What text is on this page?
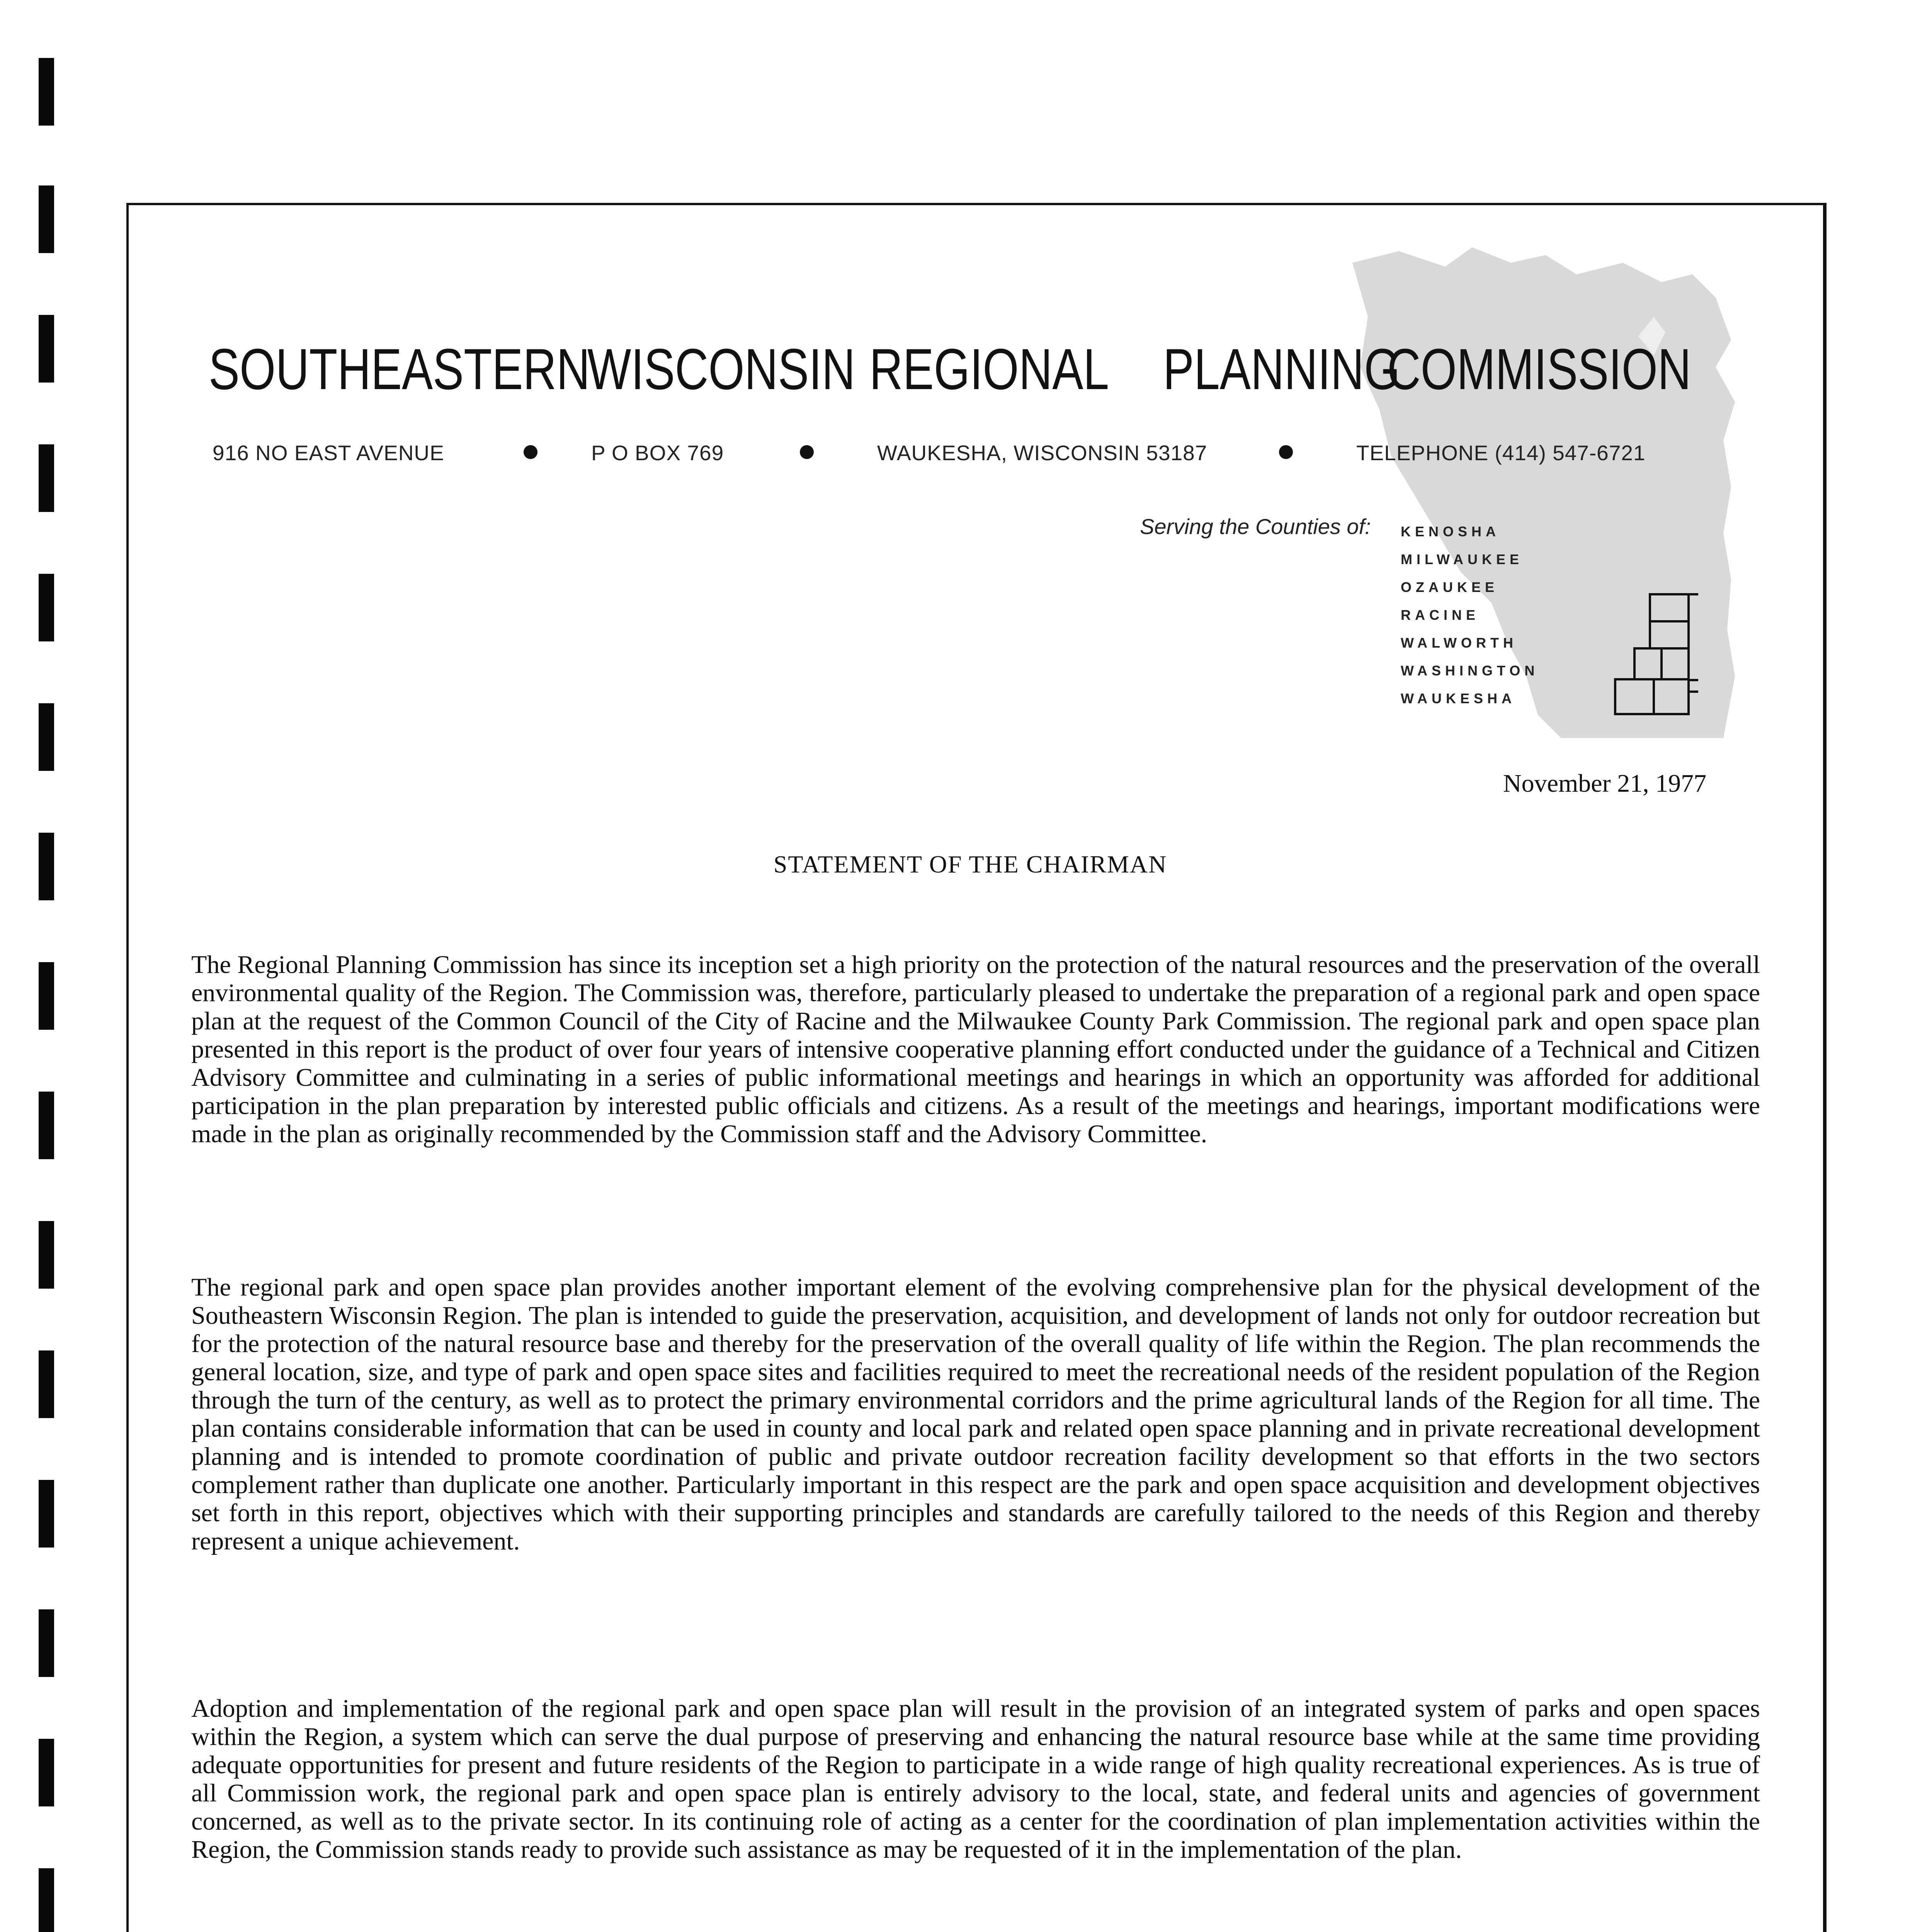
SOUTHEASTERN
WISCONSIN REGIONAL PLANNING
COMMISSION
916 NO EAST AVENUE	P O BOX 769	WAUKESHA, WISCONSIN 53187	TELEPHONE (414) 547-6721
Serving the Counties of: KENOSHA
MILWAUKEE
OZAUKEE
RACINE
WALWORTH
WASHINGTON
WAUKESHA
November 21, 1977
STATEMENT OF THE CHAIRMAN

The Regional Planning Commission has since its inception set a high priority on the protection of the natural resources and the preservation of the overall environmental quality of the Region. The Commission was, therefore, particularly pleased to undertake the preparation of a regional park and open space plan at the request of the Common Council of the City of Racine and the Milwaukee County Park Commission. The regional park and open space plan presented in this report is the product of over four years of intensive cooperative planning effort conducted under the guidance of a Technical and Citizen Advisory Committee and culminating in a series of public informational meetings and hearings in which an opportunity was afforded for additional participation in the plan preparation by interested public officials and citizens. As a result of the meetings and hearings, important modifications were made in the plan as originally recommended by the Commission staff and the Advisory Committee.

The regional park and open space plan provides another important element of the evolving comprehensive plan for the physical development of the Southeastern Wisconsin Region. The plan is intended to guide the preservation, acquisition, and development of lands not only for outdoor recreation but for the protection of the natural resource base and thereby for the preservation of the overall quality of life within the Region. The plan recommends the general location, size, and type of park and open space sites and facilities required to meet the recreational needs of the resident population of the Region through the turn of the century, as well as to protect the primary environmental corridors and the prime agricultural lands of the Region for all time. The plan contains considerable information that can be used in county and local park and related open space planning and in private recreational development planning and is intended to promote coordination of public and private outdoor recreation facility development so that efforts in the two sectors complement rather than duplicate one another. Particularly important in this respect are the park and open space acquisition and development objectives set forth in this report, objectives which with their supporting principles and standards are carefully tailored to the needs of this Region and thereby represent a unique achievement.

Adoption and implementation of the regional park and open space plan will result in the provision of an integrated system of parks and open spaces within the Region, a system which can serve the dual purpose of preserving and enhancing the natural resource base while at the same time providing adequate opportunities for present and future residents of the Region to participate in a wide range of high quality recreational experiences. As is true of all Commission work, the regional park and open space plan is entirely advisory to the local, state, and federal units and agencies of government concerned, as well as to the private sector. In its continuing role of acting as a center for the coordination of plan implementation activities within the Region, the Commission stands ready to provide such assistance as may be requested of it in the implementation of the plan.
